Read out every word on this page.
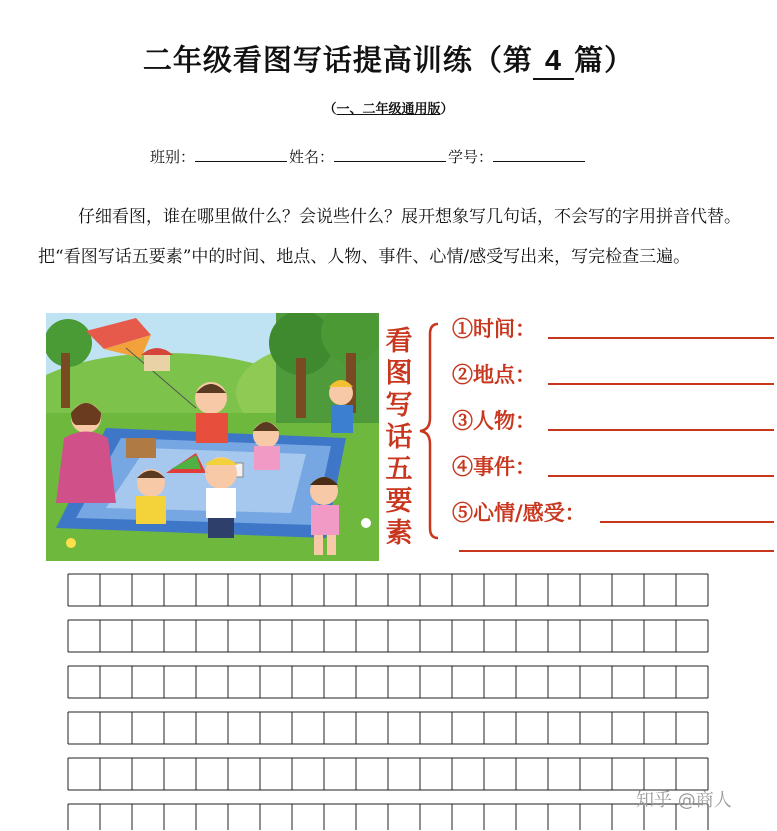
二年级看图写话提高训练（第 4 篇）
（一、二年级通用版）
班别：	姓名：	学号：
仔细看图，谁在哪里做什么？会说些什么？展开想象写几句话，不会写的字用拼音代替。把“看图写话五要素”中的时间、地点、人物、事件、心情/感受写出来，写完检查三遍。
看图写话五要素
①时间：
②地点：
③人物：
④事件：
⑤心情/感受：
知乎 @商人
